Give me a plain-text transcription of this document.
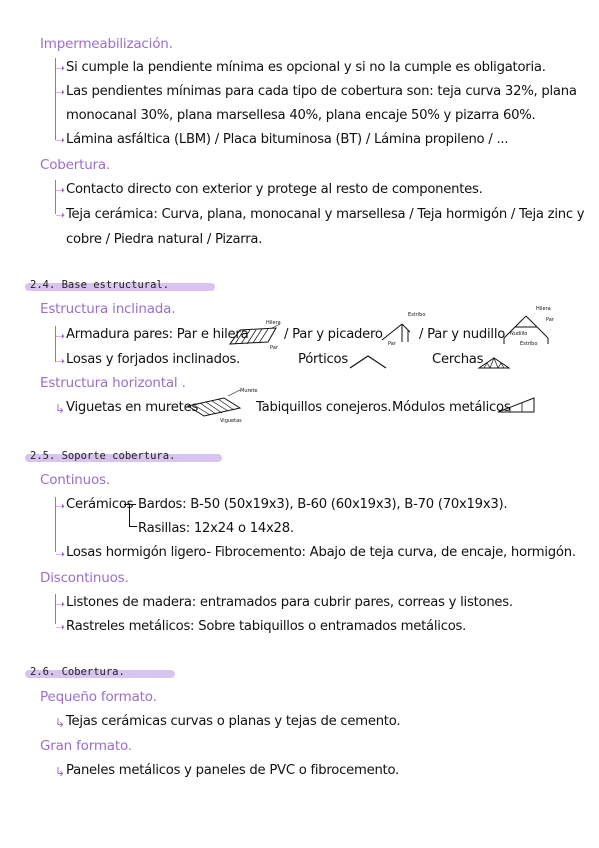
Impermeabilización.
➝ Si cumple la pendiente mínima es opcional y si no la cumple es obligatoria.
➝ Las pendientes mínimas para cada tipo de cobertura son: teja curva 32%, plana
monocanal 30%, plana marsellesa 40%, plana encaje 50% y pizarra 60%.
➝ Lámina asfáltica (LBM) / Placa bituminosa (BT) / Lámina propileno / ...
Cobertura.
➝ Contacto directo con exterior y protege al resto de componentes.
➝ Teja cerámica: Curva, plana, monocanal y marsellesa / Teja hormigón / Teja zinc y
cobre / Piedra natural / Pizarra.
2.4. Base estructural.
Estructura inclinada.
➝ Armadura pares: Par e hilera
Hilera
Par
/ Par y picadero
Estribo
Par
/ Par y nudillo
Hilera
Par
Nudillo
Estribo
➝ Losas y forjados inclinados.	Pórticos	Cerchas
Estructura horizontal .
↳ Viguetas en muretes
Murete
Viguetas
Tabiquillos conejeros. Módulos metálicos
2.5. Soporte cobertura.
Continuos.
➝ Cerámicos Bardos: B-50 (50x19x3), B-60 (60x19x3), B-70 (70x19x3).
Rasillas: 12x24 o 14x28.
➝ Losas hormigón ligero- Fibrocemento: Abajo de teja curva, de encaje, hormigón.
Discontinuos.
➝ Listones de madera: entramados para cubrir pares, correas y listones.
➝ Rastreles metálicos: Sobre tabiquillos o entramados metálicos.
2.6. Cobertura.
Pequeño formato.
↳ Tejas cerámicas curvas o planas y tejas de cemento.
Gran formato.
↳ Paneles metálicos y paneles de PVC o fibrocemento.
